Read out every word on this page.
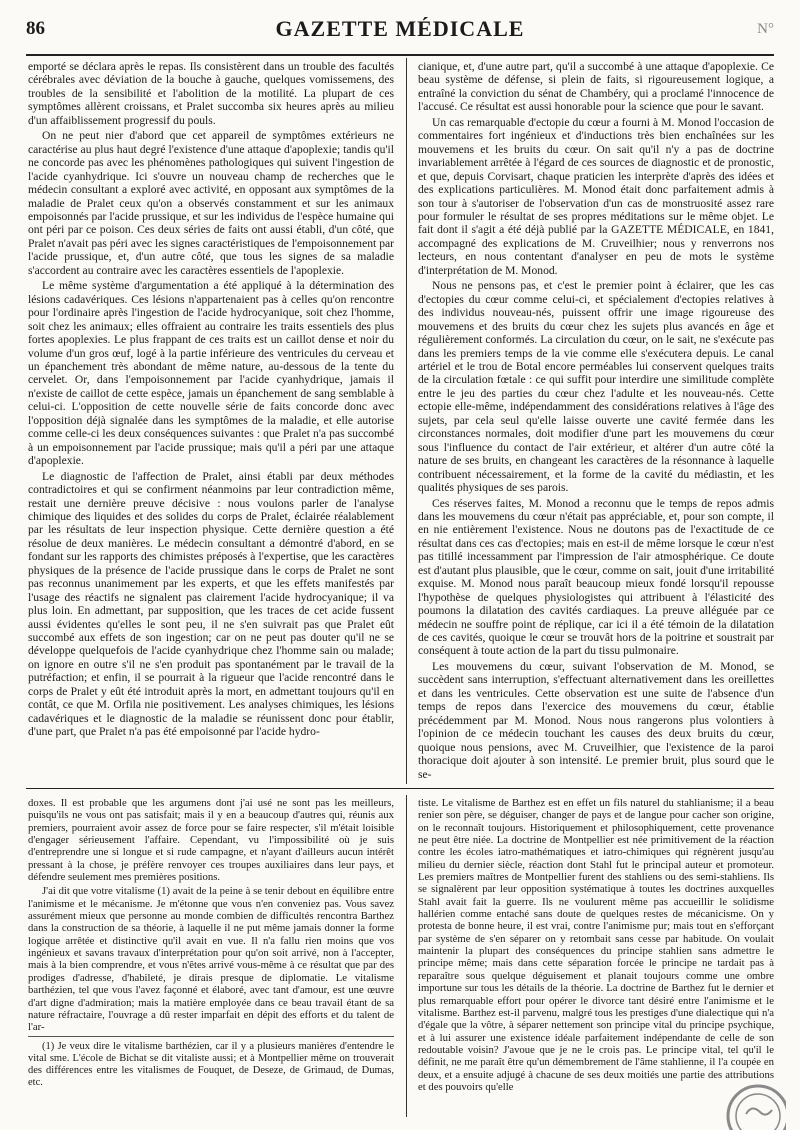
86	GAZETTE MÉDICALE	N°

emporté se déclara après le repas. Ils consistèrent dans un trouble des facultés cérébrales avec déviation de la bouche à gauche, quelques vomissemens, des troubles de la sensibilité et l'abolition de la motilité. La plupart de ces symptômes allèrent croissans, et Pralet succomba six heures après au milieu d'un affaiblissement progressif du pouls.

On ne peut nier d'abord que cet appareil de symptômes extérieurs ne caractérise au plus haut degré l'existence d'une attaque d'apoplexie; tandis qu'il ne concorde pas avec les phénomènes pathologiques qui suivent l'ingestion de l'acide cyanhydrique. Ici s'ouvre un nouveau champ de recherches que le médecin consultant a exploré avec activité, en opposant aux symptômes de la maladie de Pralet ceux qu'on a observés constamment et sur les animaux empoisonnés par l'acide prussique, et sur les individus de l'espèce humaine qui ont péri par ce poison. Ces deux séries de faits ont aussi établi, d'un côté, que Pralet n'avait pas péri avec les signes caractéristiques de l'empoisonnement par l'acide prussique, et, d'un autre côté, que tous les signes de sa maladie s'accordent au contraire avec les caractères essentiels de l'apoplexie.

Le même système d'argumentation a été appliqué à la détermination des lésions cadavériques. Ces lésions n'appartenaient pas à celles qu'on rencontre pour l'ordinaire après l'ingestion de l'acide hydrocyanique, soit chez l'homme, soit chez les animaux; elles offraient au contraire les traits essentiels des plus fortes apoplexies. Le plus frappant de ces traits est un caillot dense et noir du volume d'un gros œuf, logé à la partie inférieure des ventricules du cerveau et un épanchement très abondant de même nature, au-dessous de la tente du cervelet. Or, dans l'empoisonnement par l'acide cyanhydrique, jamais il n'existe de caillot de cette espèce, jamais un épanchement de sang semblable à celui-ci. L'opposition de cette nouvelle série de faits concorde donc avec l'opposition déjà signalée dans les symptômes de la maladie, et elle autorise comme celle-ci les deux conséquences suivantes : que Pralet n'a pas succombé à un empoisonnement par l'acide prussique; mais qu'il a péri par une attaque d'apoplexie.

Le diagnostic de l'affection de Pralet, ainsi établi par deux méthodes contradictoires et qui se confirment néanmoins par leur contradiction même, restait une dernière preuve décisive : nous voulons parler de l'analyse chimique des liquides et des solides du corps de Pralet, éclairée réalablement par les résultats de leur inspection physique. Cette dernière question a été résolue de deux manières. Le médecin consultant a démontré d'abord, en se fondant sur les rapports des chimistes préposés à l'expertise, que les caractères physiques de la présence de l'acide prussique dans le corps de Pralet ne sont pas reconnus unanimement par les experts, et que les effets manifestés par l'usage des réactifs ne signalent pas clairement l'acide hydrocyanique; il va plus loin. En admettant, par supposition, que les traces de cet acide fussent aussi évidentes qu'elles le sont peu, il ne s'en suivrait pas que Pralet eût succombé aux effets de son ingestion; car on ne peut pas douter qu'il ne se développe quelquefois de l'acide cyanhydrique chez l'homme sain ou malade; on ignore en outre s'il ne s'en produit pas spontanément par le travail de la putréfaction; et enfin, il se pourrait à la rigueur que l'acide rencontré dans le corps de Pralet y eût été introduit après la mort, en admettant toujours qu'il en contât, ce que M. Orfila nie positivement. Les analyses chimiques, les lésions cadavériques et le diagnostic de la maladie se réunissent donc pour établir, d'une part, que Pralet n'a pas été empoisonné par l'acide hydro-

cianique, et, d'une autre part, qu'il a succombé à une attaque d'apoplexie. Ce beau système de défense, si plein de faits, si rigoureusement logique, a entraîné la conviction du sénat de Chambéry, qui a proclamé l'innocence de l'accusé. Ce résultat est aussi honorable pour la science que pour le savant.

Un cas remarquable d'ectopie du cœur a fourni à M. Monod l'occasion de commentaires fort ingénieux et d'inductions très bien enchaînées sur les mouvemens et les bruits du cœur. On sait qu'il n'y a pas de doctrine invariablement arrêtée à l'égard de ces sources de diagnostic et de pronostic, et que, depuis Corvisart, chaque praticien les interprète d'après des idées et des explications particulières. M. Monod était donc parfaitement admis à son tour à s'autoriser de l'observation d'un cas de monstruosité assez rare pour formuler le résultat de ses propres méditations sur le même objet. Le fait dont il s'agit a été déjà publié par la GAZETTE MÉDICALE, en 1841, accompagné des explications de M. Cruveilhier; nous y renverrons nos lecteurs, en nous contentant d'analyser en peu de mots le système d'interprétation de M. Monod.

Nous ne pensons pas, et c'est le premier point à éclairer, que les cas d'ectopies du cœur comme celui-ci, et spécialement d'ectopies relatives à des individus nouveau-nés, puissent offrir une image rigoureuse des mouvemens et des bruits du cœur chez les sujets plus avancés en âge et régulièrement conformés. La circulation du cœur, on le sait, ne s'exécute pas dans les premiers temps de la vie comme elle s'exécutera depuis. Le canal artériel et le trou de Botal encore perméables lui conservent quelques traits de la circulation fœtale : ce qui suffit pour interdire une similitude complète entre le jeu des parties du cœur chez l'adulte et les nouveau-nés. Cette ectopie elle-même, indépendamment des considérations relatives à l'âge des sujets, par cela seul qu'elle laisse ouverte une cavité fermée dans les circonstances normales, doit modifier d'une part les mouvemens du cœur sous l'influence du contact de l'air extérieur, et altérer d'un autre côté la nature de ses bruits, en changeant les caractères de la résonnance à laquelle contribuent nécessairement, et la forme de la cavité du médiastin, et les qualités physiques de ses parois.

Ces réserves faites, M. Monod a reconnu que le temps de repos admis dans les mouvemens du cœur n'était pas appréciable, et, pour son compte, il en nie entièrement l'existence. Nous ne doutons pas de l'exactitude de ce résultat dans ces cas d'ectopies; mais en est-il de même lorsque le cœur n'est pas titillé incessamment par l'impression de l'air atmosphérique. Ce doute est d'autant plus plausible, que le cœur, comme on sait, jouit d'une irritabilité exquise. M. Monod nous paraît beaucoup mieux fondé lorsqu'il repousse l'hypothèse de quelques physiologistes qui attribuent à l'élasticité des poumons la dilatation des cavités cardiaques. La preuve alléguée par ce médecin ne souffre point de réplique, car ici il a été témoin de la dilatation de ces cavités, quoique le cœur se trouvât hors de la poitrine et soustrait par conséquent à toute action de la part du tissu pulmonaire.

Les mouvemens du cœur, suivant l'observation de M. Monod, se succèdent sans interruption, s'effectuant alternativement dans les oreillettes et dans les ventricules. Cette observation est une suite de l'absence d'un temps de repos dans l'exercice des mouvemens du cœur, établie précédemment par M. Monod. Nous nous rangerons plus volontiers à l'opinion de ce médecin touchant les causes des deux bruits du cœur, quoique nous pensions, avec M. Cruveilhier, que l'existence de la paroi thoracique doit ajouter à son intensité. Le premier bruit, plus sourd que le se-

doxes. Il est probable que les argumens dont j'ai usé ne sont pas les meilleurs, puisqu'ils ne vous ont pas satisfait; mais il y en a beaucoup d'autres qui, réunis aux premiers, pourraient avoir assez de force pour se faire respecter, s'il m'était loisible d'engager sérieusement l'affaire. Cependant, vu l'impossibilité où je suis d'entreprendre une si longue et si rude campagne, et n'ayant d'ailleurs aucun intérêt pressant à la chose, je préfère renvoyer ces troupes auxiliaires dans leur pays, et défendre seulement mes premières positions.

J'ai dit que votre vitalisme (1) avait de la peine à se tenir debout en équilibre entre l'animisme et le mécanisme. Je m'étonne que vous n'en conveniez pas. Vous savez assurément mieux que personne au monde combien de difficultés rencontra Barthez dans la construction de sa théorie, à laquelle il ne put même jamais donner la forme logique arrêtée et distinctive qu'il avait en vue. Il n'a fallu rien moins que vos ingénieux et savans travaux d'interprétation pour qu'on soit arrivé, non à l'accepter, mais à la bien comprendre, et vous n'êtes arrivé vous-même à ce résultat que par des prodiges d'adresse, d'habileté, je dirais presque de diplomatie. Le vitalisme barthézien, tel que vous l'avez façonné et élaboré, avec tant d'amour, est une œuvre d'art digne d'admiration; mais la matière employée dans ce beau travail étant de sa nature réfractaire, l'ouvrage a dû rester imparfait en dépit des efforts et du talent de l'ar-

(1) Je veux dire le vitalisme barthézien, car il y a plusieurs manières d'entendre le vital sme. L'école de Bichat se dit vitaliste aussi; et à Montpellier même on trouverait des différences entre les vitalismes de Fouquet, de Deseze, de Grimaud, de Dumas, etc.

tiste. Le vitalisme de Barthez est en effet un fils naturel du stahlianisme; il a beau renier son père, se déguiser, changer de pays et de langue pour cacher son origine, on le reconnaît toujours. Historiquement et philosophiquement, cette provenance ne peut être niée. La doctrine de Montpellier est née primitivement de la réaction contre les écoles iatro-mathématiques et iatro-chimiques qui régnèrent jusqu'au milieu du dernier siècle, réaction dont Stahl fut le principal auteur et promoteur. Les premiers maîtres de Montpellier furent des stahliens ou des semi-stahliens. Ils se signalèrent par leur opposition systématique à toutes les doctrines auxquelles Stahl avait fait la guerre. Ils ne voulurent même pas accueillir le solidisme hallérien comme entaché sans doute de quelques restes de mécanicisme. On y protesta de bonne heure, il est vrai, contre l'animisme pur; mais tout en s'efforçant par système de s'en séparer on y retombait sans cesse par habitude. On voulait maintenir la plupart des conséquences du principe stahlien sans admettre le principe même; mais dans cette séparation forcée le principe ne tardait pas à reparaître sous quelque déguisement et planait toujours comme une ombre importune sur tous les détails de la théorie. La doctrine de Barthez fut le dernier et plus remarquable effort pour opérer le divorce tant désiré entre l'animisme et le vitalisme. Barthez est-il parvenu, malgré tous les prestiges d'une dialectique qui n'a d'égale que la vôtre, à séparer nettement son principe vital du principe psychique, et à lui assurer une existence idéale parfaitement indépendante de celle de son redoutable voisin? J'avoue que je ne le crois pas. Le principe vital, tel qu'il le définit, ne me paraît être qu'un démembrement de l'âme stahlienne, il l'a coupée en deux, et a ensuite adjugé à chacune de ses deux moitiés une partie des attributions et des pouvoirs qu'elle
